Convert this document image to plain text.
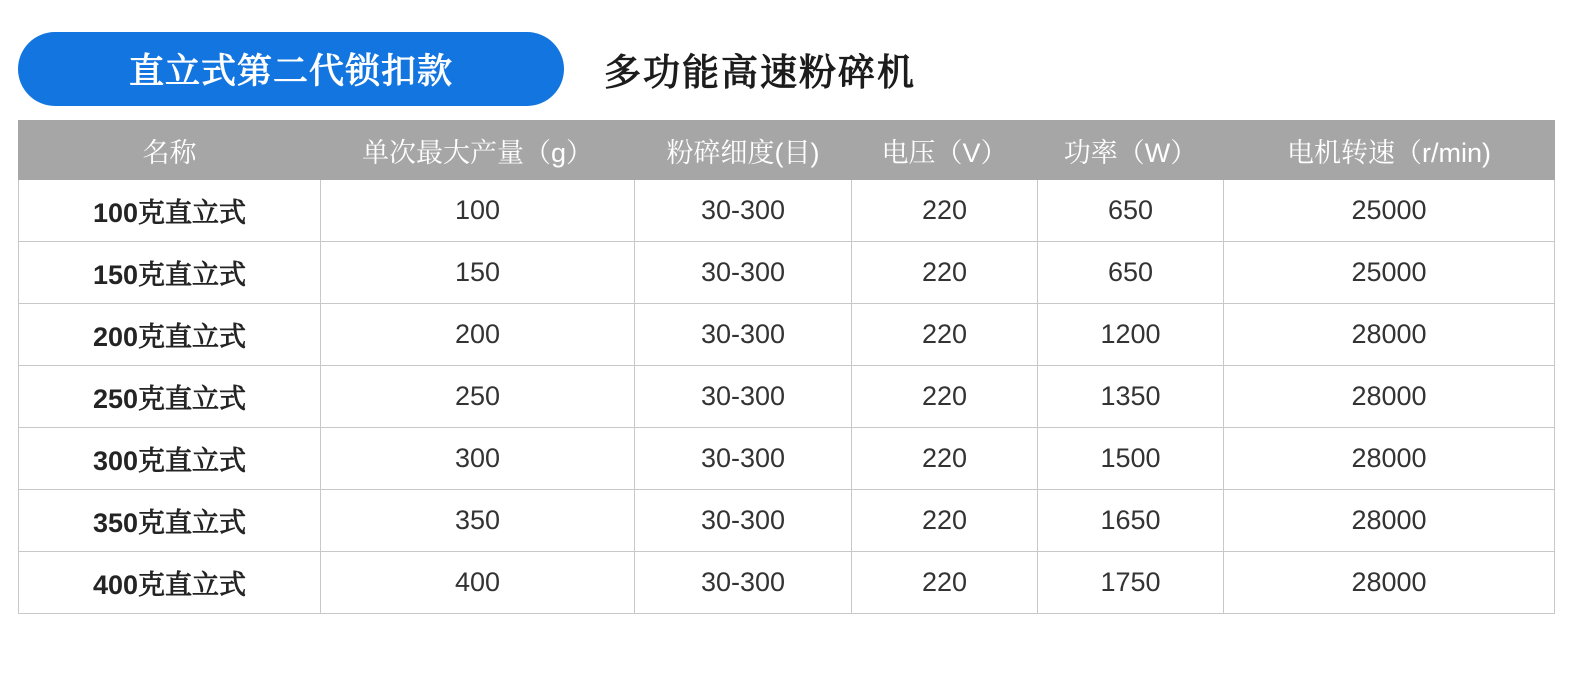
直立式第二代锁扣款	多功能高速粉碎机
名称	单次最大产量（g）	粉碎细度(目)	电压（V）	功率（W）	电机转速（r/min)
100克直立式	100	30-300	220	650	25000
150克直立式	150	30-300	220	650	25000
200克直立式	200	30-300	220	1200	28000
250克直立式	250	30-300	220	1350	28000
300克直立式	300	30-300	220	1500	28000
350克直立式	350	30-300	220	1650	28000
400克直立式	400	30-300	220	1750	28000
